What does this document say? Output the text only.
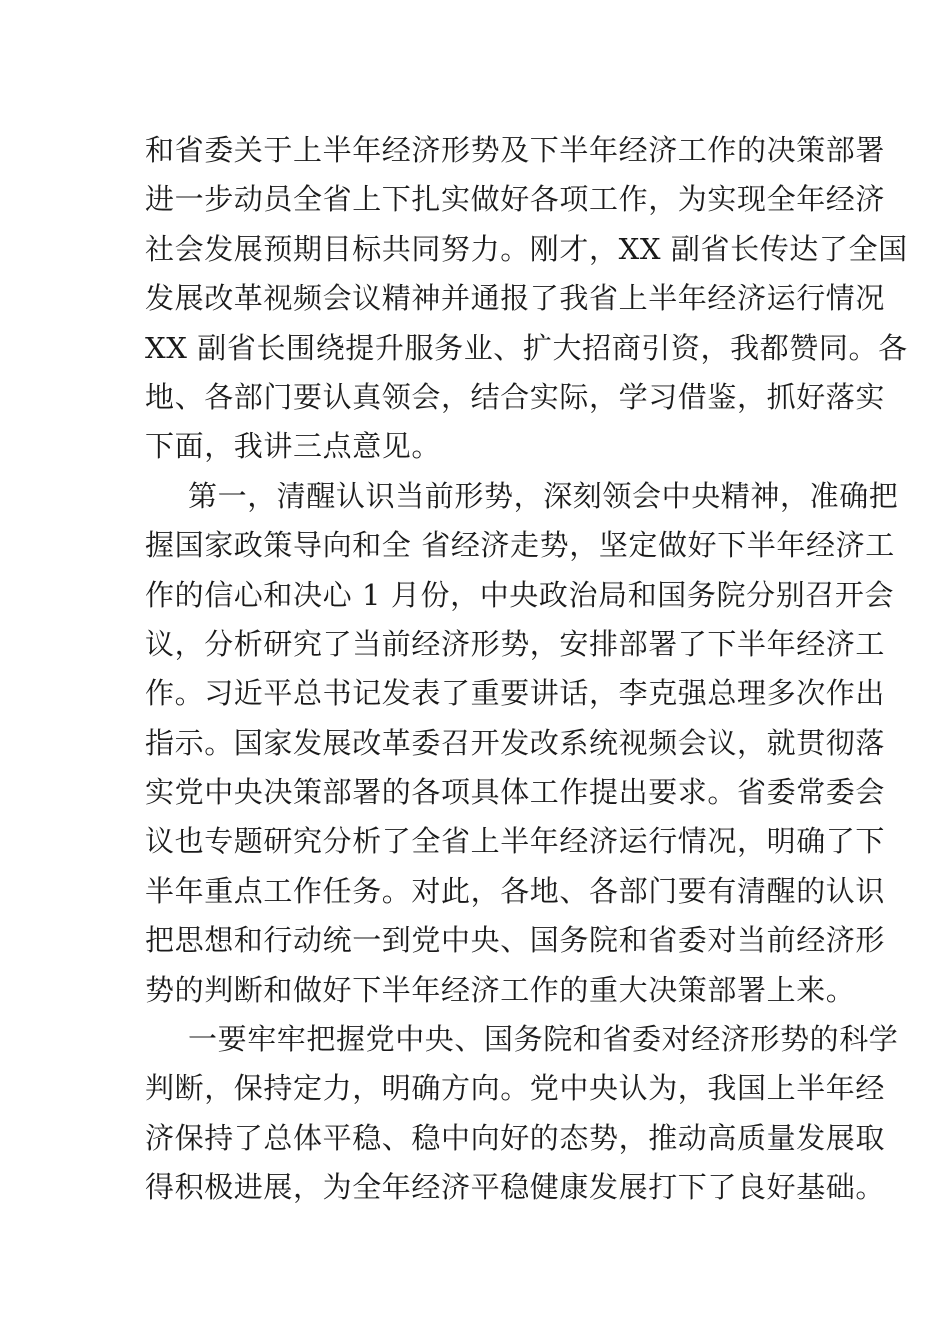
和省委关于上半年经济形势及下半年经济工作的决策部署
进一步动员全省上下扎实做好各项工作，为实现全年经济
社会发展预期目标共同努力。刚才，XX 副省长传达了全国
发展改革视频会议精神并通报了我省上半年经济运行情况
XX 副省长围绕提升服务业、扩大招商引资，我都赞同。各
地、各部门要认真领会，结合实际，学习借鉴，抓好落实
下面，我讲三点意见。
第一，清醒认识当前形势，深刻领会中央精神，准确把
握国家政策导向和全 省经济走势，坚定做好下半年经济工
作的信心和决心 1 月份，中央政治局和国务院分别召开会
议，分析研究了当前经济形势，安排部署了下半年经济工
作。习近平总书记发表了重要讲话，李克强总理多次作出
指示。国家发展改革委召开发改系统视频会议，就贯彻落
实党中央决策部署的各项具体工作提出要求。省委常委会
议也专题研究分析了全省上半年经济运行情况，明确了下
半年重点工作任务。对此，各地、各部门要有清醒的认识
把思想和行动统一到党中央、国务院和省委对当前经济形
势的判断和做好下半年经济工作的重大决策部署上来。
一要牢牢把握党中央、国务院和省委对经济形势的科学
判断，保持定力，明确方向。党中央认为，我国上半年经
济保持了总体平稳、稳中向好的态势，推动高质量发展取
得积极进展，为全年经济平稳健康发展打下了良好基础。
